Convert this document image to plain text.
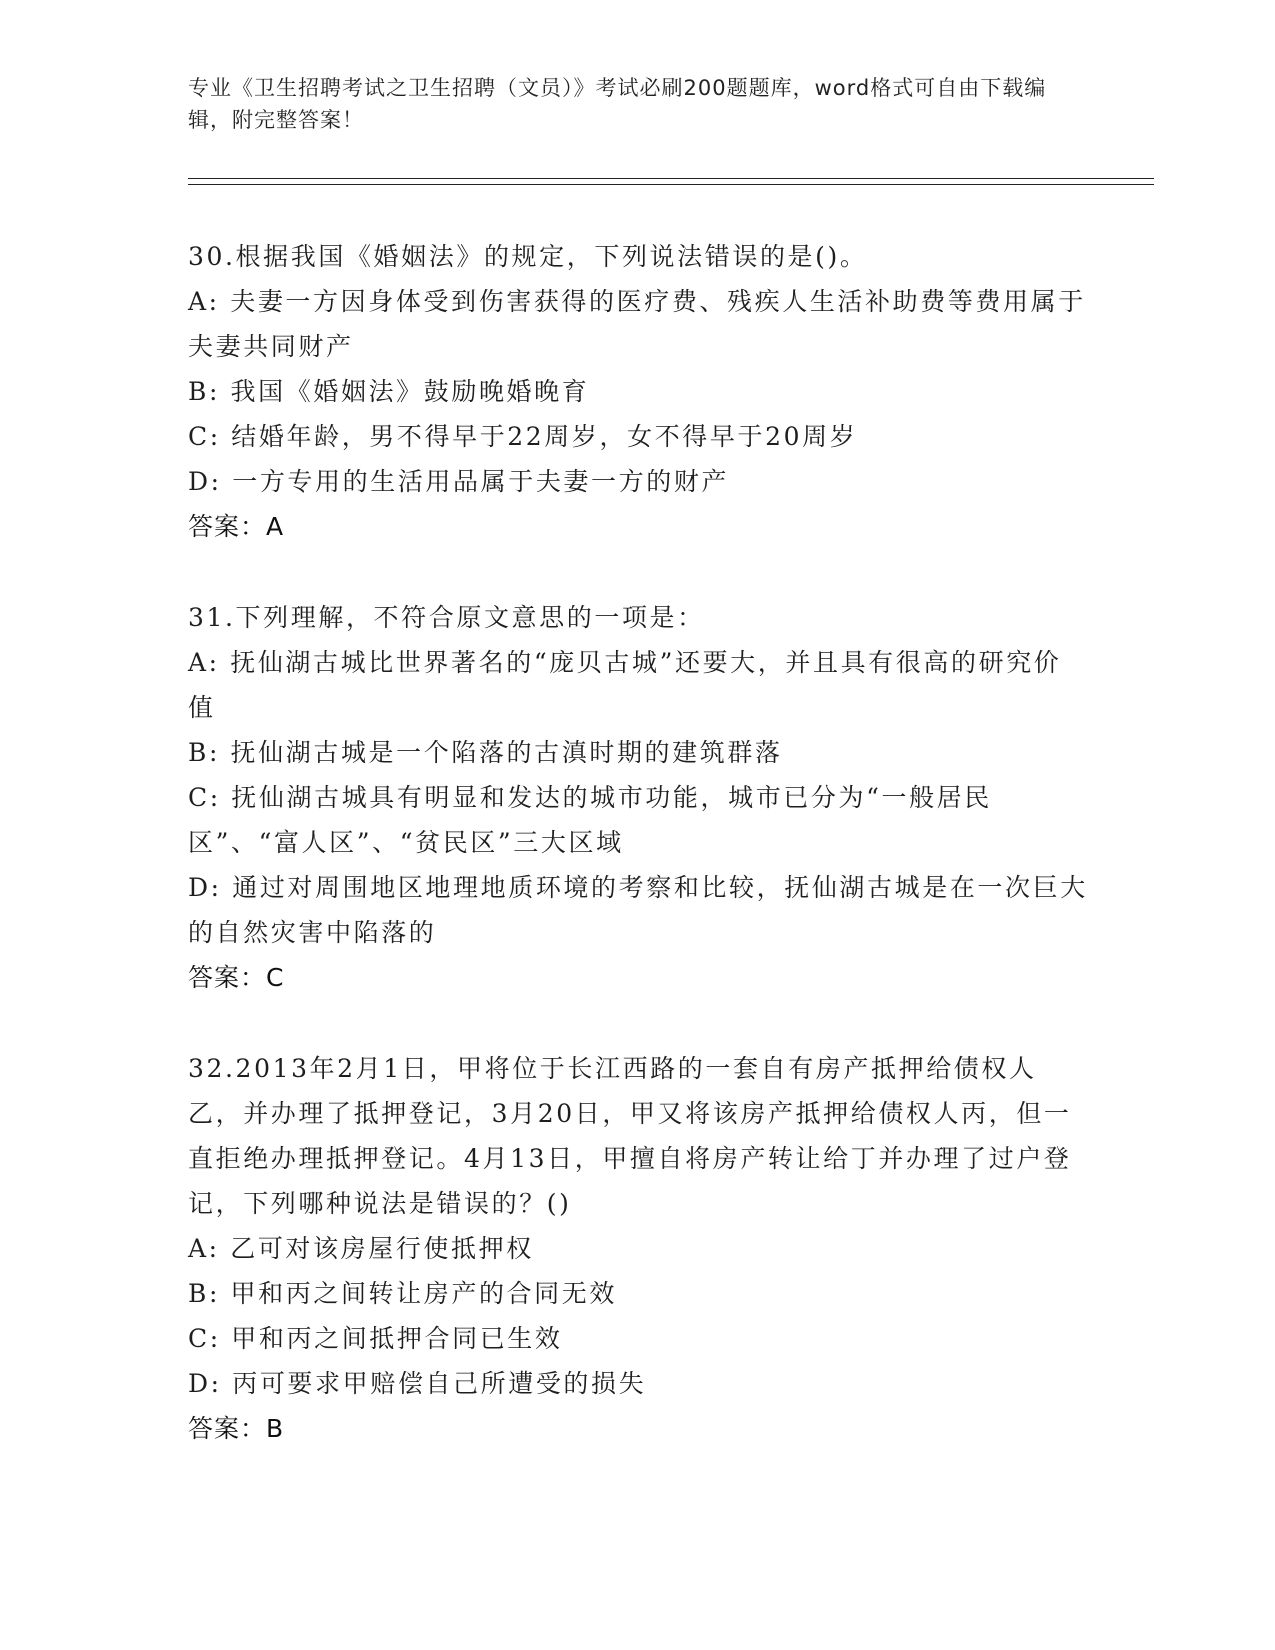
专业《卫生招聘考试之卫生招聘（文员）》考试必刷200题题库，word格式可自由下载编辑，附完整答案！

30.根据我国《婚姻法》的规定，下列说法错误的是()。

A: 夫妻一方因身体受到伤害获得的医疗费、残疾人生活补助费等费用属于夫妻共同财产

B: 我国《婚姻法》鼓励晚婚晚育

C: 结婚年龄，男不得早于22周岁，女不得早于20周岁

D: 一方专用的生活用品属于夫妻一方的财产

答案：A

31.下列理解，不符合原文意思的一项是：

A: 抚仙湖古城比世界著名的“庞贝古城”还要大，并且具有很高的研究价值

B: 抚仙湖古城是一个陷落的古滇时期的建筑群落

C: 抚仙湖古城具有明显和发达的城市功能，城市已分为“一般居民区”、“富人区”、“贫民区”三大区域

D: 通过对周围地区地理地质环境的考察和比较，抚仙湖古城是在一次巨大的自然灾害中陷落的

答案：C

32.2013年2月1日，甲将位于长江西路的一套自有房产抵押给债权人乙，并办理了抵押登记，3月20日，甲又将该房产抵押给债权人丙，但一直拒绝办理抵押登记。4月13日，甲擅自将房产转让给丁并办理了过户登记，下列哪种说法是错误的？()

A: 乙可对该房屋行使抵押权

B: 甲和丙之间转让房产的合同无效

C: 甲和丙之间抵押合同已生效

D: 丙可要求甲赔偿自己所遭受的损失

答案：B
